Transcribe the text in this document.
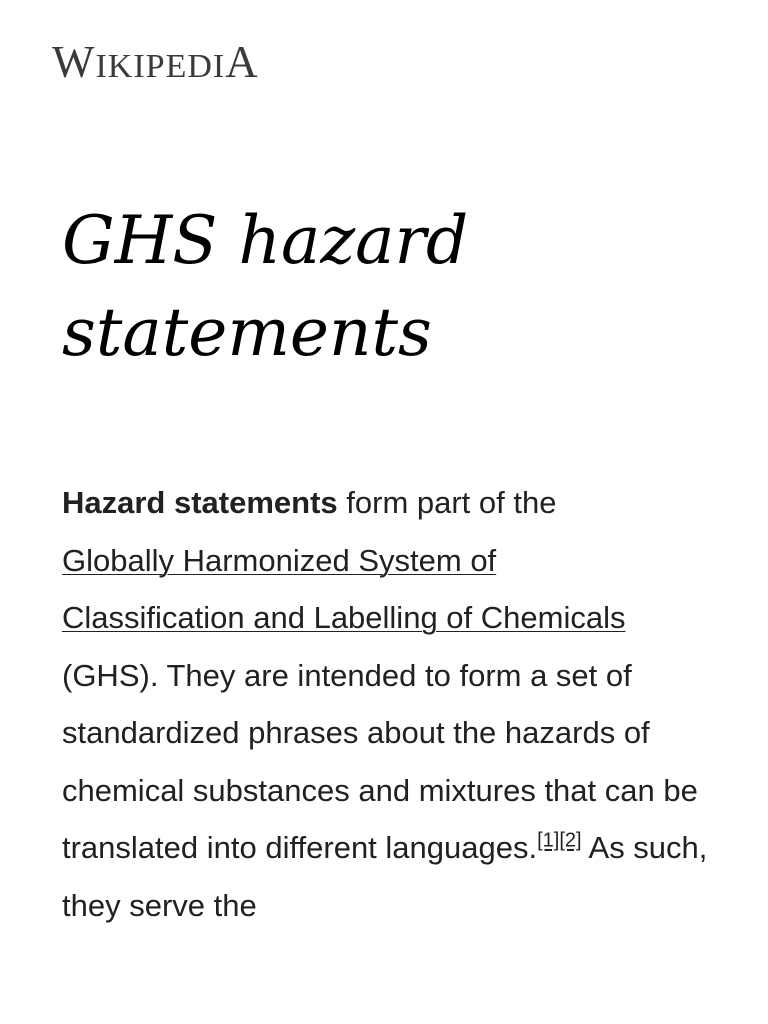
WIKIPEDIA
GHS hazard
statements

Hazard statements form part of the
Globally Harmonized System of
Classification and Labelling of Chemicals (GHS). They are intended to form a set of standardized phrases about the hazards of chemical substances and mixtures that can be translated into different languages.[1][2] As such, they serve the
